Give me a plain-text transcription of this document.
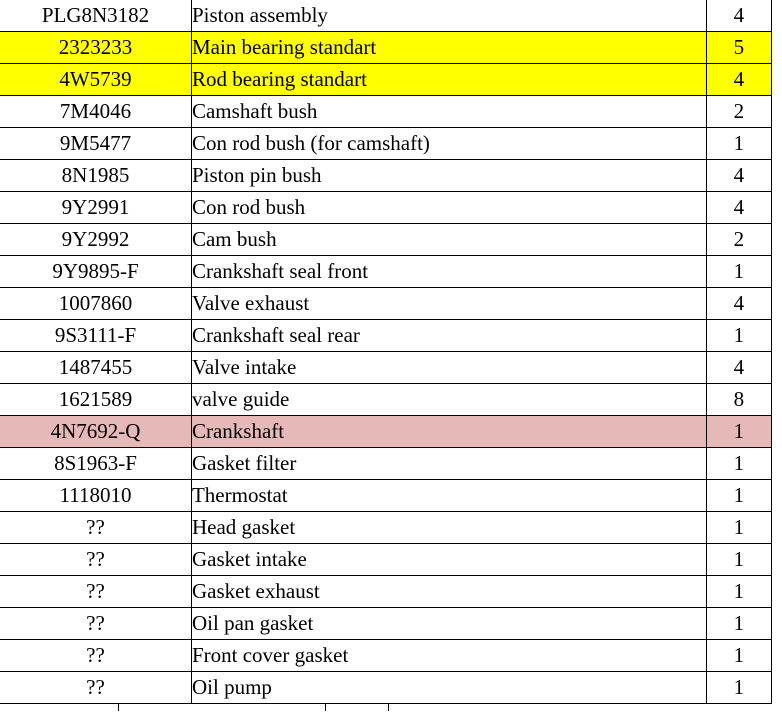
PLG8N3182	Piston assembly	4
2323233	Main bearing standart	5
4W5739	Rod bearing standart	4
7M4046	Camshaft bush	2
9M5477	Con rod bush (for camshaft)	1
8N1985	Piston pin bush	4
9Y2991	Con rod bush	4
9Y2992	Cam bush	2
9Y9895-F	Crankshaft seal front	1
1007860	Valve exhaust	4
9S3111-F	Crankshaft seal rear	1
1487455	Valve intake	4
1621589	valve guide	8
4N7692-Q	Crankshaft	1
8S1963-F	Gasket filter	1
1118010	Thermostat	1
??	Head gasket	1
??	Gasket intake	1
??	Gasket exhaust	1
??	Oil pan gasket	1
??	Front cover gasket	1
??	Oil pump	1
